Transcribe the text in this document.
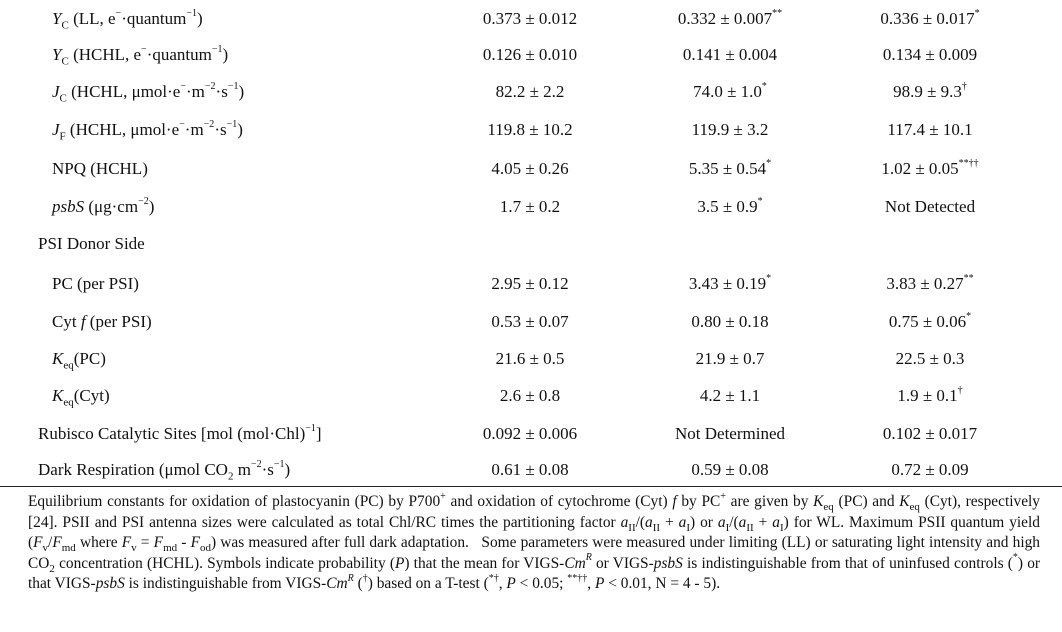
$Y_C$ (LL, e−·quantum$^{-1}$)	0.373 ± 0.012	0.332 ± 0.007**	0.336 ± 0.017*
$Y_C$ (HCHL, e−·quantum$^{-1}$)	0.126 ± 0.010	0.141 ± 0.004	0.134 ± 0.009
$J_C$ (HCHL, $\mu mol\cdot e^-\cdot m^{-2}\cdot s^{-1}$)	82.2 ± 2.2	74.0 ± 1.0*	98.9 ± 9.3†
$J_F$ (HCHL, $\mu mol\cdot e^-\cdot m^{-2}\cdot s^{-1}$)	119.8 ± 10.2	119.9 ± 3.2	117.4 ± 10.1
NPQ (HCHL)	4.05 ± 0.26	5.35 ± 0.54*	1.02 ± 0.05**††
psbS $(\mu g\cdot cm^{-2})$	1.7 ± 0.2	3.5 ± 0.9*	Not Detected
PSI Donor Side
PC (per PSI)	2.95 ± 0.12	3.43 ± 0.19*	3.83 ± 0.27**
Cyt f (per PSI)	0.53 ± 0.07	0.80 ± 0.18	0.75 ± 0.06*
$K_{eq}(PC)$	21.6 ± 0.5	21.9 ± 0.7	22.5 ± 0.3
$K_{eq}(Cyt)$	2.6 ± 0.8	4.2 ± 1.1	1.9 ± 0.1†
Rubisco Catalytic Sites [mol $(mol\cdot Chl)^{-1}$]	0.092 ± 0.006	Not Determined	0.102 ± 0.017
Dark Respiration (μmol $CO_2$ $m^{-2}\cdot s^{-1}$)	0.61 ± 0.08	0.59 ± 0.08	0.72 ± 0.09
Equilibrium constants for oxidation of plastocyanin (PC) by P700+ and oxidation of cytochrome (Cyt) f by PC+ are given by $K_{eq}$ (PC) and $K_{eq}$ (Cyt), respectively [24]. PSII and PSI antenna sizes were calculated as total Chl/RC times the partitioning factor $a_{II}/(a_{II} + a_I)$ or $a_I/(a_{II} + a_I)$ for WL. Maximum PSII quantum yield ($F_v/F_{md}$ where $F_v = F_{md} - F_{od}$) was measured after full dark adaptation.   Some parameters were measured under limiting (LL) or saturating light intensity and high $CO_2$ concentration (HCHL). Symbols indicate probability (P) that the mean for VIGS-$Cm^R$ or VIGS-psbS is indistinguishable from that of uninfused controls (*) or that VIGS-psbS is indistinguishable from VIGS-$Cm^R$ (†) based on a T-test (*†, P < 0.05; **††, P < 0.01, N = 4 - 5).
